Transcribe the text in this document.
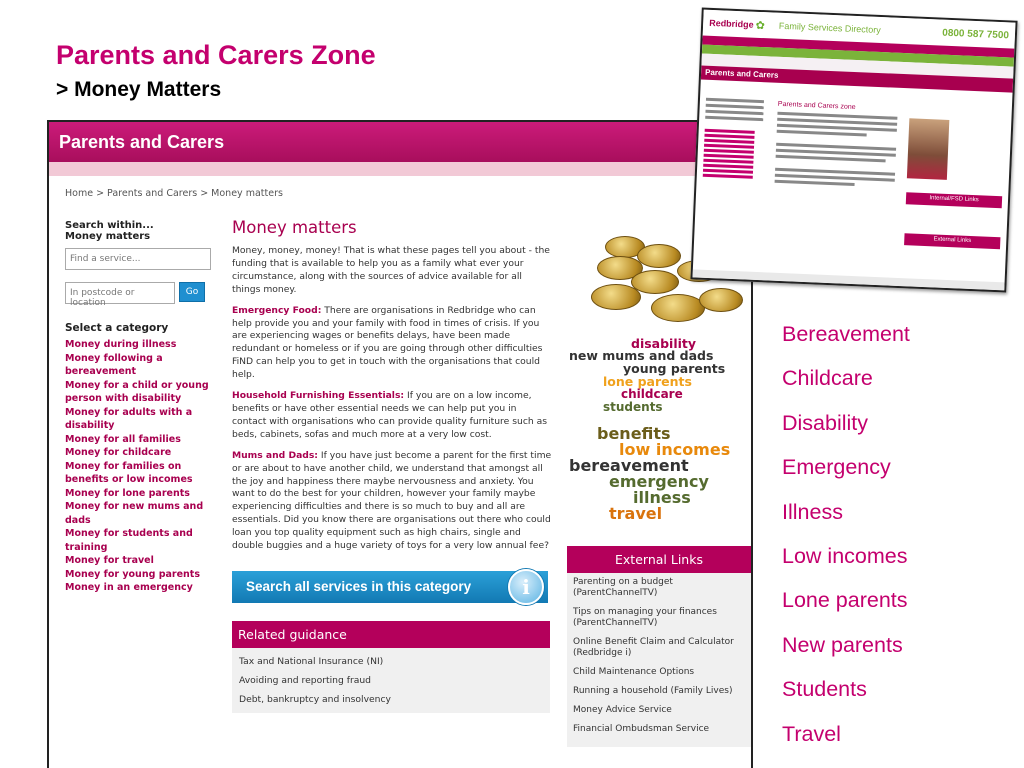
Parents and Carers Zone
> Money Matters
Parents and Carers
Home > Parents and Carers > Money matters
Search within...
Money matters
Find a service...
In postcode or location
Go
Select a category
Money during illness
Money following a bereavement
Money for a child or young person with disability
Money for adults with a disability
Money for all families
Money for childcare
Money for families on benefits or low incomes
Money for lone parents
Money for new mums and dads
Money for students and training
Money for travel
Money for young parents
Money in an emergency
Money matters

Money, money, money! That is what these pages tell you about - the funding that is available to help you as a family what ever your circumstance, along with the sources of advice available for all things money.

Emergency Food: There are organisations in Redbridge who can help provide you and your family with food in times of crisis. If you are experiencing wages or benefits delays, have been made redundant or homeless or if you are going through other difficulties FiND can help you to get in touch with the organisations that could help.

Household Furnishing Essentials: If you are on a low income, benefits or have other essential needs we can help put you in contact with organisations who can provide quality furniture such as beds, cabinets, sofas and much more at a very low cost.

Mums and Dads: If you have just become a parent for the first time or are about to have another child, we understand that amongst all the joy and happiness there maybe nervousness and anxiety. You want to do the best for your children, however your family maybe experiencing difficulties and there is so much to buy and all are essentials. Did you know there are organisations out there who could loan you top quality equipment such as high chairs, single and double buggies and a huge variety of toys for a very low annual fee?

Search all services in this category	i
Related guidance
Tax and National Insurance (NI)
Avoiding and reporting fraud
Debt, bankruptcy and insolvency
disability
new mums and dads
young parents
lone parents
childcare
students
benefits
low incomes
bereavement
emergency
illness
travel
External Links
Parenting on a budget (ParentChannelTV)
Tips on managing your finances (ParentChannelTV)
Online Benefit Claim and Calculator (Redbridge i)
Child Maintenance Options
Running a household (Family Lives)
Money Advice Service
Financial Ombudsman Service
Redbridge ✿ Family Services Directory	0800 587 7500
Parents and Carers
Parents and Carers zone
Internal/FSD Links
External Links
Bereavement
Childcare
Disability
Emergency
Illness
Low incomes
Lone parents
New parents
Students
Travel
